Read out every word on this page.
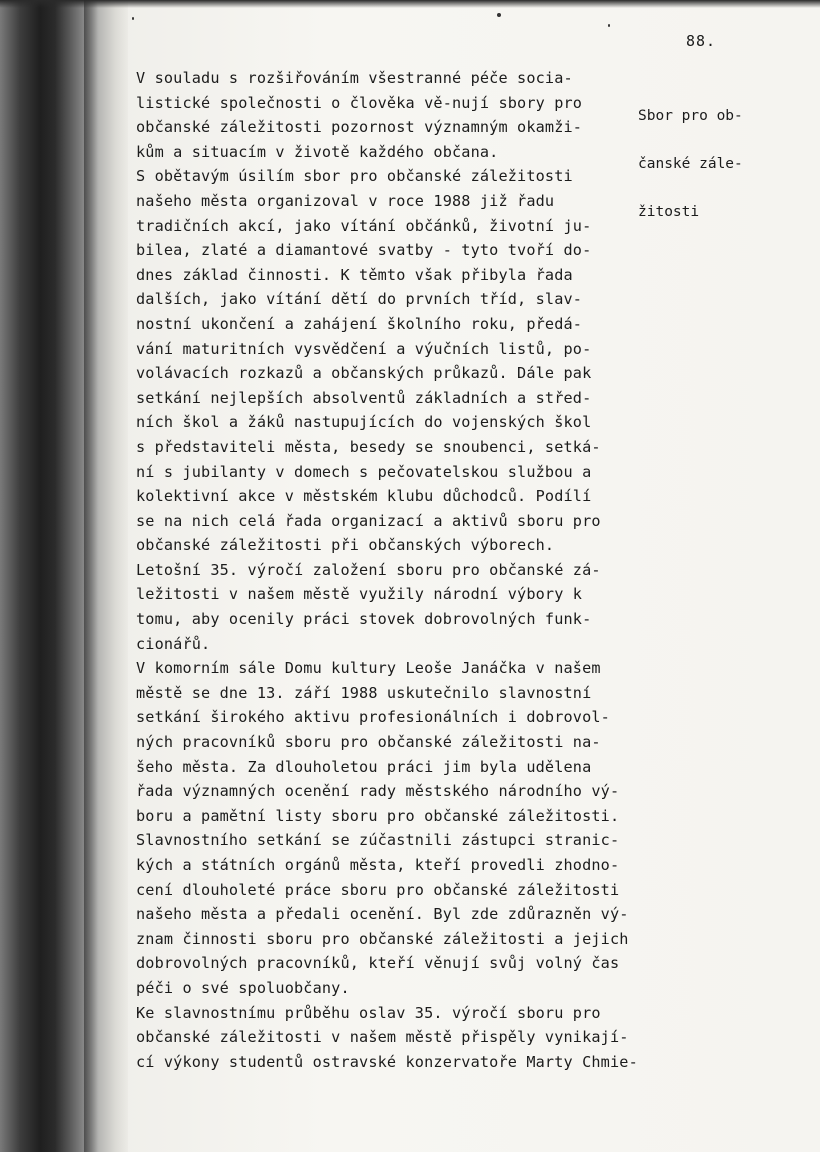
88.

Sbor pro ob-

čanské zále-

žitosti

V souladu s rozšiřováním všestranné péče socia-
listické společnosti o člověka vě-nují sbory pro
občanské záležitosti pozornost významným okamži-
kům a situacím v životě každého občana.
S obětavým úsilím sbor pro občanské záležitosti
našeho města organizoval v roce 1988 již řadu
tradičních akcí, jako vítání občánků, životní ju-
bilea, zlaté a diamantové svatby - tyto tvoří do-
dnes základ činnosti. K těmto však přibyla řada
dalších, jako vítání dětí do prvních tříd, slav-
nostní ukončení a zahájení školního roku, předá-
vání maturitních vysvědčení a výučních listů, po-
volávacích rozkazů a občanských průkazů. Dále pak
setkání nejlepších absolventů základních a střed-
ních škol a žáků nastupujících do vojenských škol
s představiteli města, besedy se snoubenci, setká-
ní s jubilanty v domech s pečovatelskou službou a
kolektivní akce v městském klubu důchodců. Podílí
se na nich celá řada organizací a aktivů sboru pro
občanské záležitosti při občanských výborech.
Letošní 35. výročí založení sboru pro občanské zá-
ležitosti v našem městě využily národní výbory k
tomu, aby ocenily práci stovek dobrovolných funk-
cionářů.
V komorním sále Domu kultury Leoše Janáčka v našem
městě se dne 13. září 1988 uskutečnilo slavnostní
setkání širokého aktivu profesionálních i dobrovol-
ných pracovníků sboru pro občanské záležitosti na-
šeho města. Za dlouholetou práci jim byla udělena
řada významných ocenění rady městského národního vý-
boru a pamětní listy sboru pro občanské záležitosti.
Slavnostního setkání se zúčastnili zástupci stranic-
kých a státních orgánů města, kteří provedli zhodno-
cení dlouholeté práce sboru pro občanské záležitosti
našeho města a předali ocenění. Byl zde zdůrazněn vý-
znam činnosti sboru pro občanské záležitosti a jejich
dobrovolných pracovníků, kteří věnují svůj volný čas
péči o své spoluobčany.
Ke slavnostnímu průběhu oslav 35. výročí sboru pro
občanské záležitosti v našem městě přispěly vynikají-
cí výkony studentů ostravské konzervatoře Marty Chmie-
